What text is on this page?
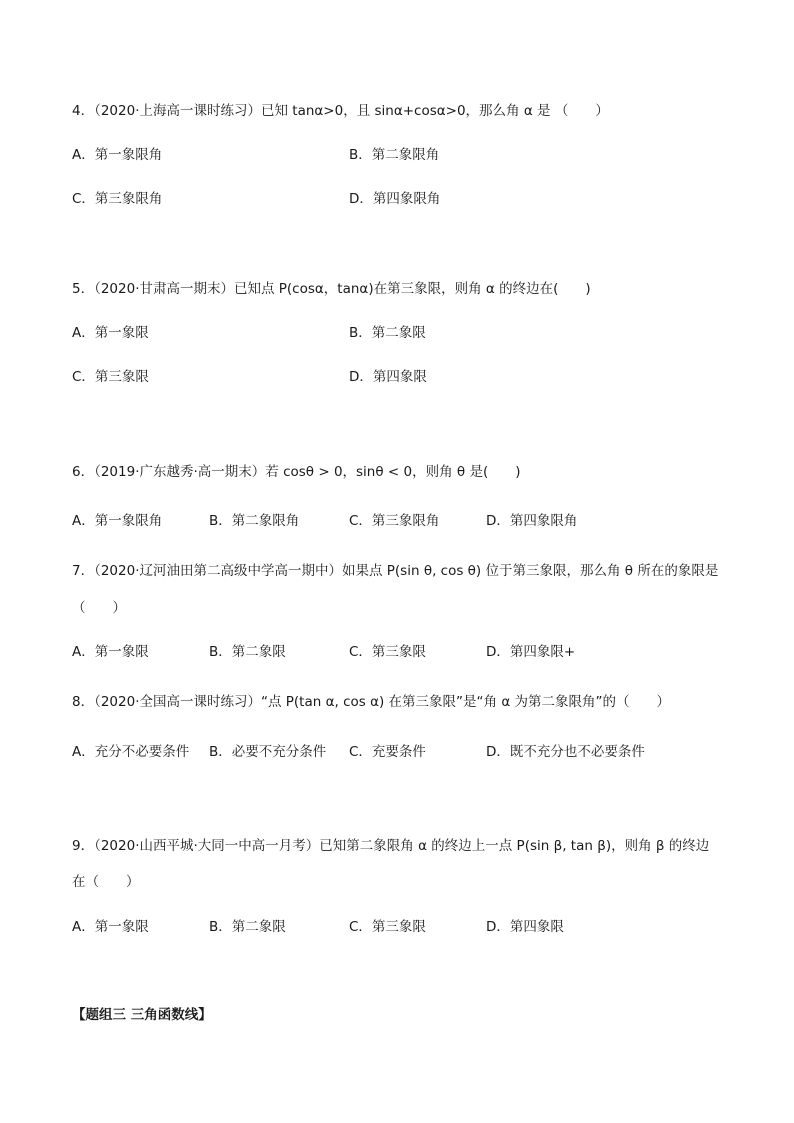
4．（2020·上海高一课时练习）已知 tanα>0，且 sinα+cosα>0，那么角 α 是 （　　）
A．第一象限角	B．第二象限角
C．第三象限角	D．第四象限角
5．（2020·甘肃高一期末）已知点 P(cosα，tanα)在第三象限，则角 α 的终边在(　　)
A．第一象限	B．第二象限
C．第三象限	D．第四象限
6．（2019·广东越秀·高一期末）若 cosθ > 0，sinθ < 0，则角 θ 是(　　)
A．第一象限角	B．第二象限角	C．第三象限角	D．第四象限角
7．（2020·辽河油田第二高级中学高一期中）如果点 P(sin θ, cos θ) 位于第三象限，那么角 θ 所在的象限是
（　　）
A．第一象限	B．第二象限	C．第三象限	D．第四象限+
8．（2020·全国高一课时练习）“点 P(tan α, cos α) 在第三象限”是“角 α 为第二象限角”的（　　）
A．充分不必要条件 B．必要不充分条件 C．充要条件	D．既不充分也不必要条件
9．（2020·山西平城·大同一中高一月考）已知第二象限角 α 的终边上一点 P(sin β, tan β)，则角 β 的终边
在（　　）
A．第一象限	B．第二象限	C．第三象限	D．第四象限
【题组三 三角函数线】
